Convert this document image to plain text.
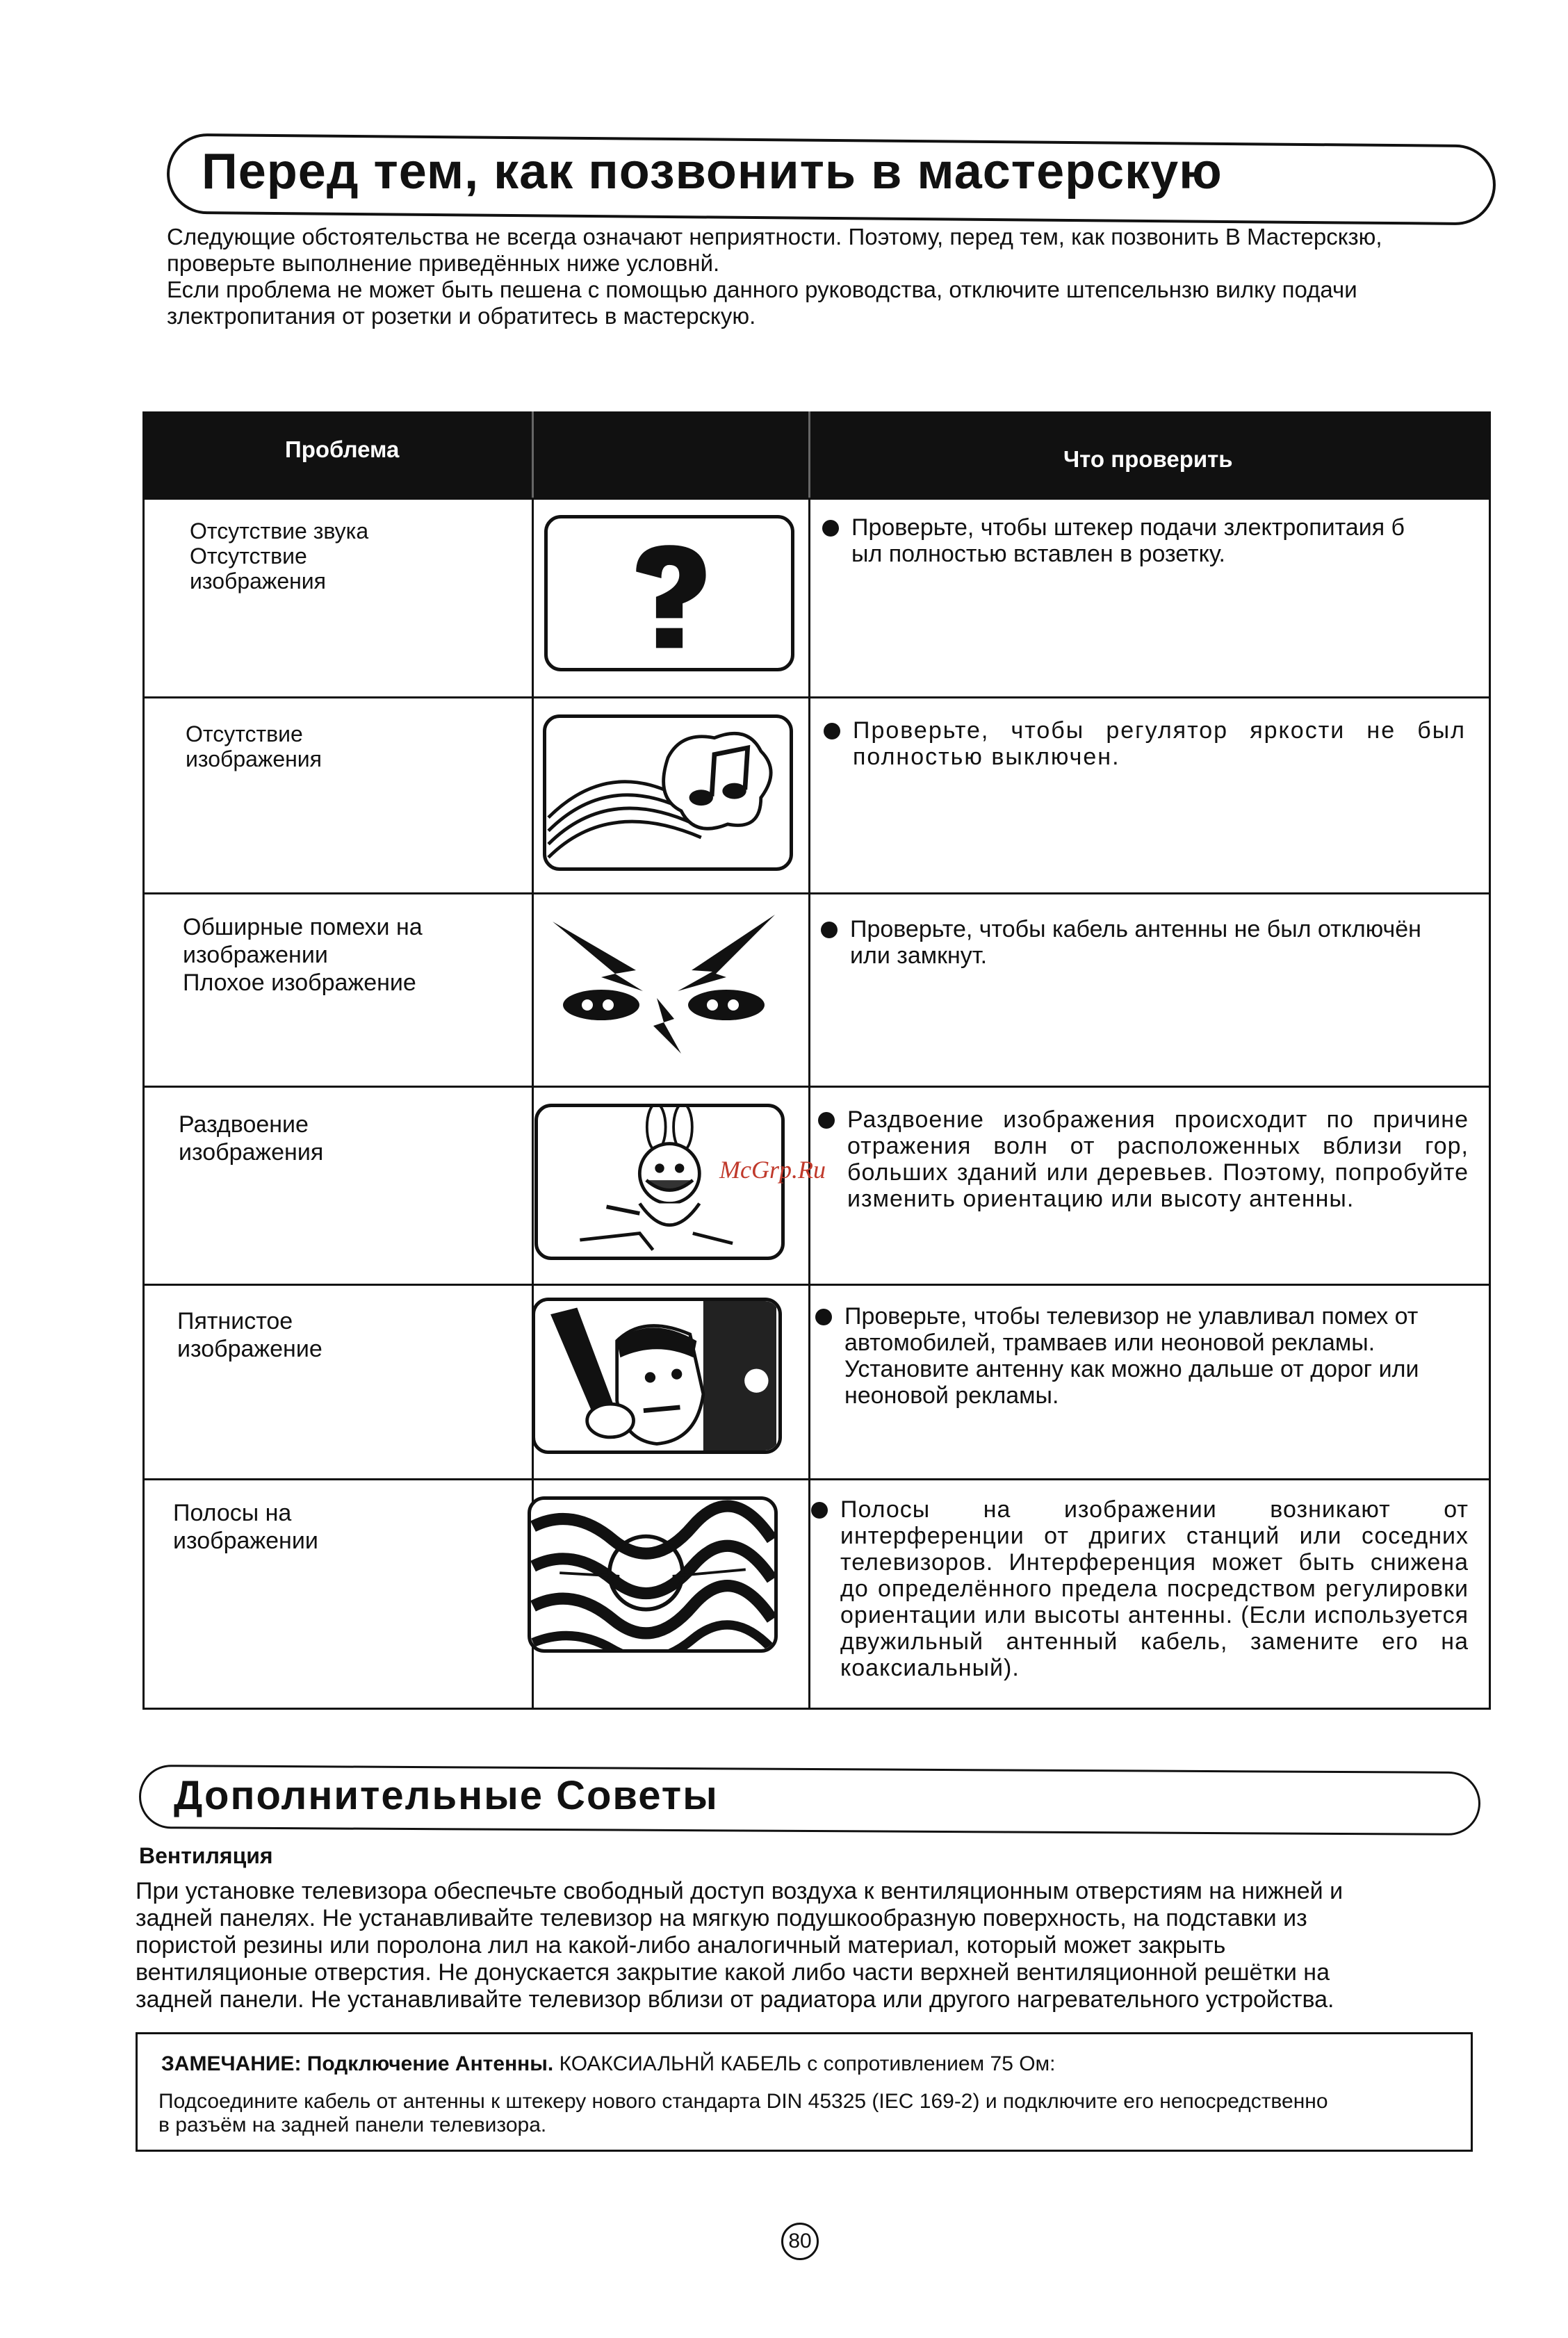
Перед тем, как позвонить в мастерскую

Следующие обстоятельства не всегда означают неприятности. Поэтому, перед тем, как позвонить В Мастерскзю,

проверьте выполнение приведённых ниже условнй.

Если проблема не может быть пешена с помощью данного руководства, отключите штепсельнзю вилку подачи

злектропитания от розетки и обратитесь в мастерскую.

Проблема	Что проверить
Отсутствие звука
Отсутствие
изображения
Проверьте, чтобы штекер подачи злектропитаия б
ыл полностью вставлен в розетку.
Отсутствие
изображения
Проверьте, чтобы регулятор яркости не был полностью выключен.
Обширные помехи на
изображении
Плохое изображение
Проверьте, чтобы кабель антенны не был отключён или замкнут.
Раздвоение
изображения
Раздвоение изображения происходит по причине отражения волн от расположенных вблизи гор, больших зданий или деревьев. Поэтому, попробуйте изменить ориентацию или высоту антенны.
Пятнистое
изображение
Проверьте, чтобы телевизор не улавливал помех от автомобилей, трамваев или неоновой рекламы. Установите антенну как можно дальше от дорог или неоновой рекламы.
Полосы на
изображении
Полосы на изображении возникают от интерференции от дригих станций или соседних телевизоров. Интерференция может быть снижена до определённого предела посредством регулировки ориентации или высоты антенны. (Если используется двужильный антенный кабель, замените его на коаксиальный).
McGrp.Ru
Дополнительные Советы
Вентиляция

При установке телевизора обеспечьте свободный доступ воздуха к вентиляционным отверстиям на нижней и

задней панелях. Не устанавливайте телевизор на мягкую подушкообразную поверхность, на подставки из

пористой резины или поролона лил на какой-либо аналогичный материал, который может закрыть

вентиляционые отверстия. Не донускается закрытие какой либо части верхней вентиляционной решётки на

задней панели. Не устанавливайте телевизор вблизи от радиатора или другого нагревательного устройства.

ЗАМЕЧАНИЕ: Подключение Антенны. КОАКСИАЛЬНЙ КАБЕЛЬ с сопротивлением 75 Ом:

Подсоедините кабель от антенны к штекеру нового стандарта DIN 45325 (IEC 169-2) и подключите его непосредственно

в разъём на задней панели телевизора.

80
